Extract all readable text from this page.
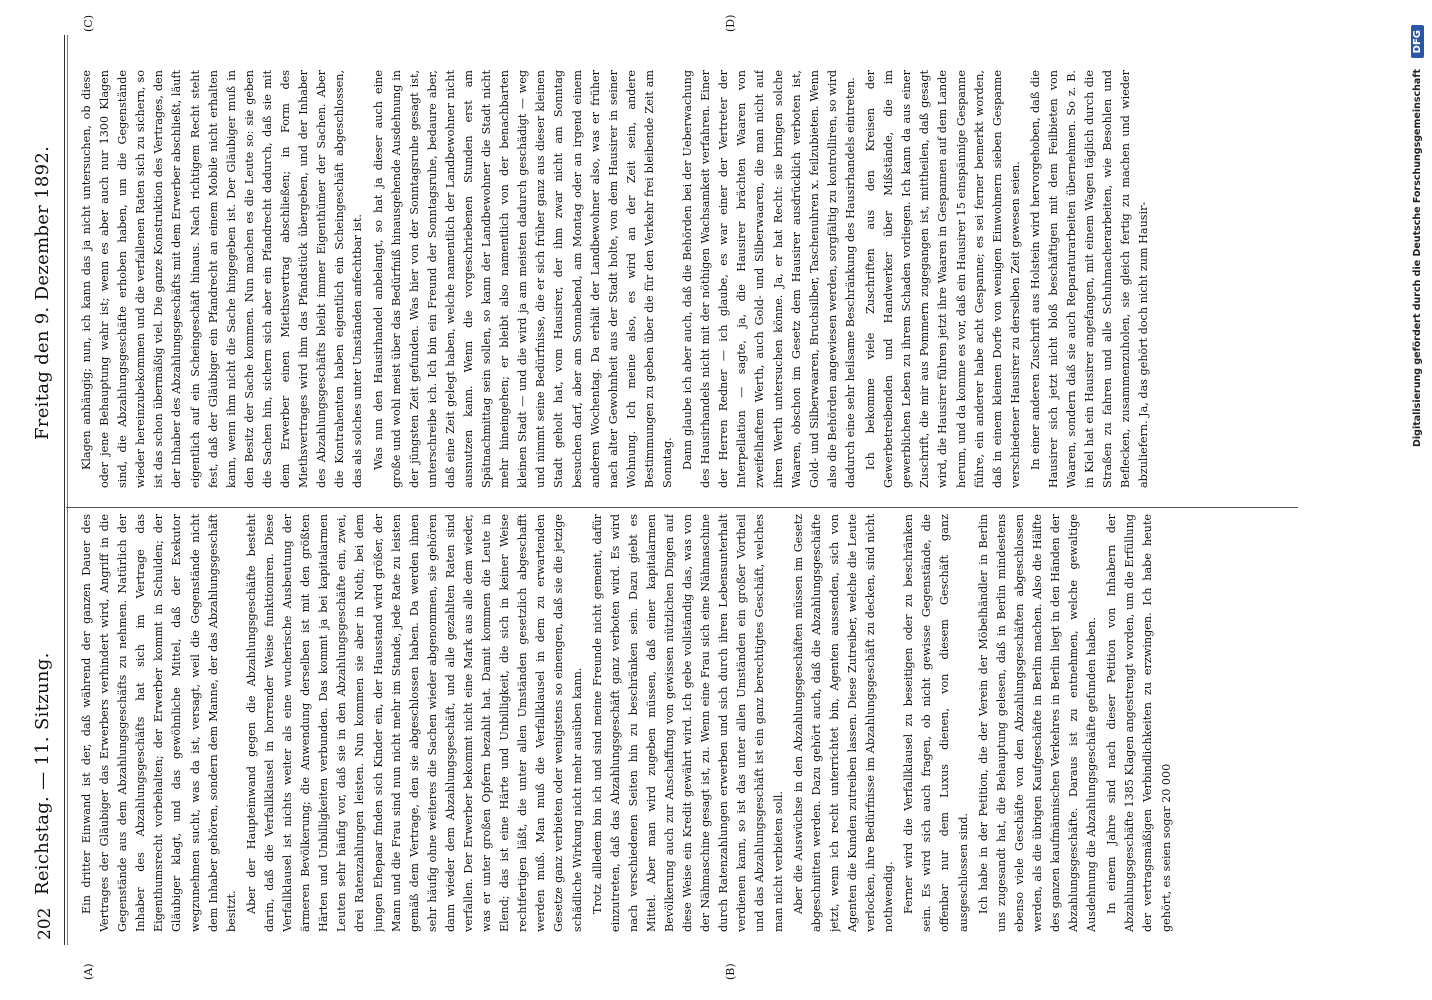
202
Reichstag. — 11. Sitzung.
Freitag den 9. Dezember 1892.
(A)	(B)
(C)	(D)

Ein dritter Einwand ist der, daß während der ganzen Dauer des Vertrages der Gläubiger das Erwerbers verhindert wird, Angriff in die Gegenstände aus dem Abzahlungsgeschäfts zu nehmen. Natürlich der Inhaber des Abzahlungsgeschäfts hat sich im Vertrage das Eigenthumsrecht vorbehalten; der Erwerber kommt in Schulden; der Gläubiger klagt, und das gewöhnliche Mittel, daß der Exekutor wegzunehmen sucht, was da ist, versagt, weil die Gegenstände nicht dem Inhaber gehören, sondern dem Manne, der das Abzahlungsgeschäft besitzt. Aber der Haupteinwand gegen die Abzahlungsgeschäfte besteht darin, daß die Verfallklausel in horrender Weise funktioniren. Diese Verfallklausel ist nichts weiter als eine wucherische Ausbeutung der ärmeren Bevölkerung; die Anwendung derselben ist mit den größten Härten und Unbilligkeiten verbunden. Das kommt ja bei kapitalarmen Leuten sehr häufig vor, daß sie in den Abzahlungsgeschäfte ein, zwei, drei Ratenzahlungen leisten. Nun kommen sie aber in Noth; bei dem jungen Ehepaar finden sich Kinder ein, der Hausstand wird größer, der Mann und die Frau sind nun nicht mehr im Stande, jede Rate zu leisten gemäß dem Vertrage, den sie abgeschlossen haben. Da werden ihnen sehr häufig ohne weiteres die Sachen wieder abgenommen, sie gehören dann wieder dem Abzahlungsgeschäft, und alle gezahlten Raten sind verfallen. Der Erwerber bekommt nicht eine Mark aus alle dem wieder, was er unter großen Opfern bezahlt hat. Damit kommen die Leute in Elend; das ist eine Härte und Unbilligkeit, die sich in keiner Weise rechtfertigen läßt, die unter allen Umständen gesetzlich abgeschafft werden muß. Man muß die Verfallklausel in dem zu erwartenden Gesetze ganz verbieten oder wenigstens so einengen, daß sie die jetzige schädliche Wirkung nicht mehr ausüben kann. Trotz allledem bin ich und sind meine Freunde nicht gemeint, dafür einzutreten, daß das Abzahlungsgeschäft ganz verboten wird. Es wird nach verschiedenen Seiten hin zu beschränken sein. Dazu giebt es Mittel. Aber man wird zugeben müssen, daß einer kapitalarmen Bevölkerung auch zur Anschaffung von gewissen nützlichen Dingen auf diese Weise ein Kredit gewährt wird. Ich gebe vollständig das, was von der Nähmaschine gesagt ist, zu. Wenn eine Frau sich eine Nähmaschine durch Ratenzahlungen erwerben und sich durch ihren Lebensunterhalt verdienen kann, so ist das unter allen Umständen ein großer Vortheil und das Abzahlungsgeschäft ist ein ganz berechtigtes Geschäft, welches man nicht verbieten soll. Aber die Auswüchse in den Abzahlungsgeschäften müssen im Gesetz abgeschnitten werden. Dazu gehört auch, daß die Abzahlungsgeschäfte jetzt, wenn ich recht unterrichtet bin, Agenten aussenden, sich von Agenten die Kunden zutreiben lassen. Diese Zutreiber, welche die Leute verlocken, ihre Bedürfnisse im Abzahlungsgeschäft zu decken, sind nicht nothwendig. Ferner wird die Verfallklausel zu beseitigen oder zu beschränken sein. Es wird sich auch fragen, ob nicht gewisse Gegenstände, die offenbar nur dem Luxus dienen, von diesem Geschäft ganz ausgeschlossen sind. Ich habe in der Petition, die der Verein der Möbelhändler in Berlin uns zugesandt hat, die Behauptung gelesen, daß in Berlin mindestens ebenso viele Geschäfte von den Abzahlungsgeschäften abgeschlossen werden, als die übrigen Kaufgeschäfte in Berlin machen. Also die Hälfte des ganzen kaufmännischen Verkehres in Berlin liegt in den Händen der Abzahlungsgeschäfte. Daraus ist zu entnehmen, welche gewaltige Ausdehnung die Abzahlungsgeschäfte gefunden haben. In einem Jahre sind nach dieser Petition von Inhabern der Abzahlungsgeschäfte 1385 Klagen angestrengt worden, um die Erfüllung der vertragsmäßigen Verbindlichkeiten zu erzwingen. Ich habe heute gehört, es seien sogar 20 000

Klagen anhängig; nun, ich kann das ja nicht untersuchen, ob diese oder jene Behauptung wahr ist; wenn es aber auch nur 1300 Klagen sind, die Abzahlungsgeschäfte erhoben haben, um die Gegenstände wieder hereinzubekommen und die verfallenen Raten sich zu sichern, so ist das schon übermäßig viel. Die ganze Konstruktion des Vertrages, den der Inhaber des Abzahlungsgeschäfts mit dem Erwerber abschließt, läuft eigentlich auf ein Scheingeschäft hinaus. Nach richtigem Recht steht fest, daß der Gläubiger ein Pfandrecht an einem Mobile nicht erhalten kann, wenn ihm nicht die Sache hingegeben ist. Der Gläubiger muß in den Besitz der Sache kommen. Nun machen es die Leute so: sie geben die Sachen hin, sichern sich aber ein Pfandrecht dadurch, daß sie mit dem Erwerber einen Miethsvertrag abschließen; in Form des Miethsvertrages wird ihm das Pfandstück übergeben, und der Inhaber des Abzahlungsgeschäfts bleibt immer Eigenthümer der Sachen. Aber die Kontrahenten haben eigentlich ein Scheingeschäft abgeschlossen, das als solches unter Umständen anfechtbar ist. Was nun den Hausirhandel anbelangt, so hat ja dieser auch eine große und wohl meist über das Bedürfniß hinausgehende Ausdehnung in der jüngsten Zeit gefunden. Was hier von der Sonntagsruhe gesagt ist, unterschreibe ich. Ich bin ein Freund der Sonntagsruhe, bedaure aber, daß eine Zeit gelegt haben, welche namentlich der Landbewohner nicht ausnutzen kann. Wenn die vorgeschriebenen Stunden erst am Spätnachmittag sein sollen, so kann der Landbewohner die Stadt nicht mehr hineingehen; er bleibt also namentlich von der benachbarten kleinen Stadt — und die wird ja am meisten dadurch geschädigt — weg und nimmt seine Bedürfnisse, die er sich früher ganz aus dieser kleinen Stadt geholt hat, vom Hausirer, der ihm zwar nicht am Sonntag besuchen darf, aber am Sonnabend, am Montag oder an irgend einem anderen Wochentag. Da erhält der Landbewohner also, was er früher nach alter Gewohnheit aus der Stadt holte, von dem Hausirer in seiner Wohnung. Ich meine also, es wird an der Zeit sein, andere Bestimmungen zu geben über die für den Verkehr frei bleibende Zeit am Sonntag. Dann glaube ich aber auch, daß die Behörden bei der Ueberwachung des Hausirhandels nicht mit der nöthigen Wachsamkeit verfahren. Einer der Herren Redner — ich glaube, es war einer der Vertreter der Interpellation — sagte, ja, die Hausirer brächten Waaren von zweifelhaftem Werth, auch Gold- und Silberwaaren, die man nicht auf ihren Werth untersuchen könne. Ja, er hat Recht: sie bringen solche Waaren, obschon im Gesetz dem Hausirer ausdrücklich verboten ist, Gold- und Silberwaaren, Bruchsilber, Taschenuhren x. feilzubieten. Wenn also die Behörden angewiesen werden, sorgfältig zu kontrolliren, so wird dadurch eine sehr heilsame Beschränkung des Hausirhandels eintreten. Ich bekomme viele Zuschriften aus den Kreisen der Gewerbetreibenden und Handwerker über Mißstände, die im gewerblichen Leben zu ihrem Schaden vorliegen. Ich kann da aus einer Zuschrift, die mir aus Pommern zugegangen ist, mittheilen, daß gesagt wird, die Hausirer führen jetzt ihre Waaren in Gespannen auf dem Lande herum, und da komme es vor, daß ein Hausirer 15 einspännige Gespanne führe, ein anderer habe acht Gespanne; es sei ferner bemerkt worden, daß in einem kleinen Dorfe von wenigen Einwohnern sieben Gespanne verschiedener Hausirer zu derselben Zeit gewesen seien. In einer anderen Zuschrift aus Holstein wird hervorgehoben, daß die Hausirer sich jetzt nicht bloß beschäftigen mit dem Feilbieten von Waaren, sondern daß sie auch Reparaturarbeiten übernehmen. So z. B. in Kiel hat ein Hausirer angefangen, mit einem Wagen täglich durch die Straßen zu fahren und alle Schuhmacherarbeiten, wie Besohlen und Beflecken, zusammenzuholen, sie gleich fertig zu machen und wieder abzuliefern. Ja, das gehört doch nicht zum Hausir-	Digitalisierung gefördert durch die Deutsche Forschungsgemeinschaft
DFG
